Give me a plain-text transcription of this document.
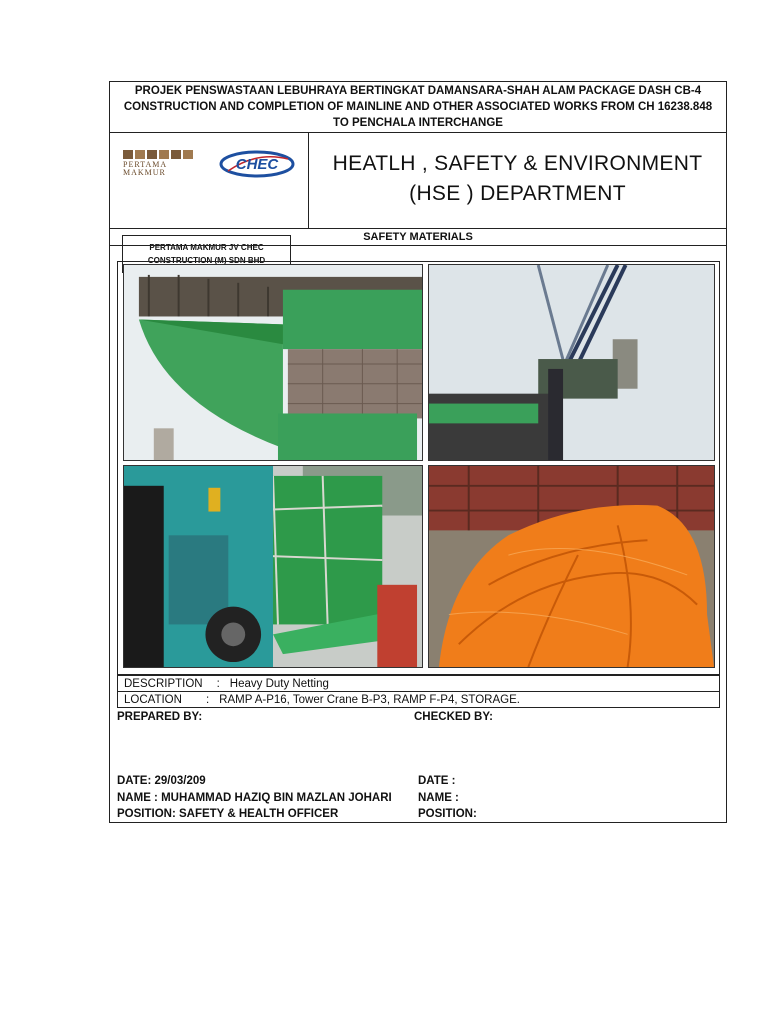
PROJEK PENSWASTAAN LEBUHRAYA BERTINGKAT DAMANSARA-SHAH ALAM PACKAGE DASH CB-4
CONSTRUCTION AND COMPLETION OF MAINLINE AND OTHER ASSOCIATED WORKS FROM CH 16238.848
TO PENCHALA INTERCHANGE
PERTAMA
MAKMUR	CHEC
PERTAMA MAKMUR JV CHEC
CONSTRUCTION (M) SDN BHD
HEATLH , SAFETY & ENVIRONMENT
(HSE ) DEPARTMENT
SAFETY MATERIALS
DESCRIPTION : Heavy Duty Netting
LOCATION : RAMP A-P16, Tower Crane B-P3, RAMP F-P4, STORAGE.
PREPARED BY:	CHECKED BY:
DATE: 29/03/209
NAME : MUHAMMAD HAZIQ BIN MAZLAN JOHARI
POSITION: SAFETY & HEALTH OFFICER
DATE :
NAME :
POSITION:
